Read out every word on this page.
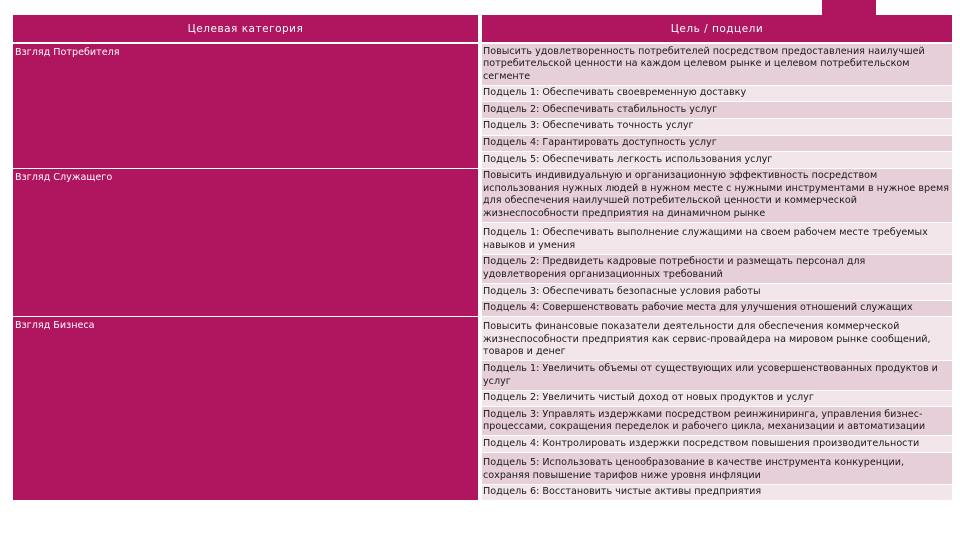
Целевая категория	Цель / подцели
Взгляд Потребителя	Повысить удовлетворенность потребителей посредством предоставления наилучшей потребительской ценности на каждом целевом рынке и целевом потребительском сегменте
	Подцель 1: Обеспечивать своевременную доставку
	Подцель 2: Обеспечивать стабильность услуг
	Подцель 3: Обеспечивать точность услуг
	Подцель 4: Гарантировать доступность услуг
	Подцель 5: Обеспечивать легкость использования услуг
Взгляд Служащего	Повысить индивидуальную и организационную эффективность посредством использования нужных людей в нужном месте с нужными инструментами в нужное время для обеспечения наилучшей потребительской ценности и коммерческой жизнеспособности предприятия на динамичном рынке
	Подцель 1: Обеспечивать выполнение служащими на своем рабочем месте требуемых навыков и умения
	Подцель 2: Предвидеть кадровые потребности и размещать персонал для удовлетворения организационных требований
	Подцель 3: Обеспечивать безопасные условия работы
	Подцель 4: Совершенствовать рабочие места для улучшения отношений служащих
Взгляд Бизнеса	Повысить финансовые показатели деятельности для обеспечения коммерческой жизнеспособности предприятия как сервис-провайдера на мировом рынке сообщений, товаров и денег
	Подцель 1: Увеличить объемы от существующих или усовершенствованных продуктов и услуг
	Подцель 2: Увеличить чистый доход от новых продуктов и услуг
	Подцель 3: Управлять издержками посредством реинжиниринга, управления бизнес-процессами, сокращения переделок и рабочего цикла, механизации и автоматизации
	Подцель 4: Контролировать издержки посредством повышения производительности
	Подцель 5: Использовать ценообразование в качестве инструмента конкуренции, сохраняя повышение тарифов ниже уровня инфляции
	Подцель 6: Восстановить чистые активы предприятия
